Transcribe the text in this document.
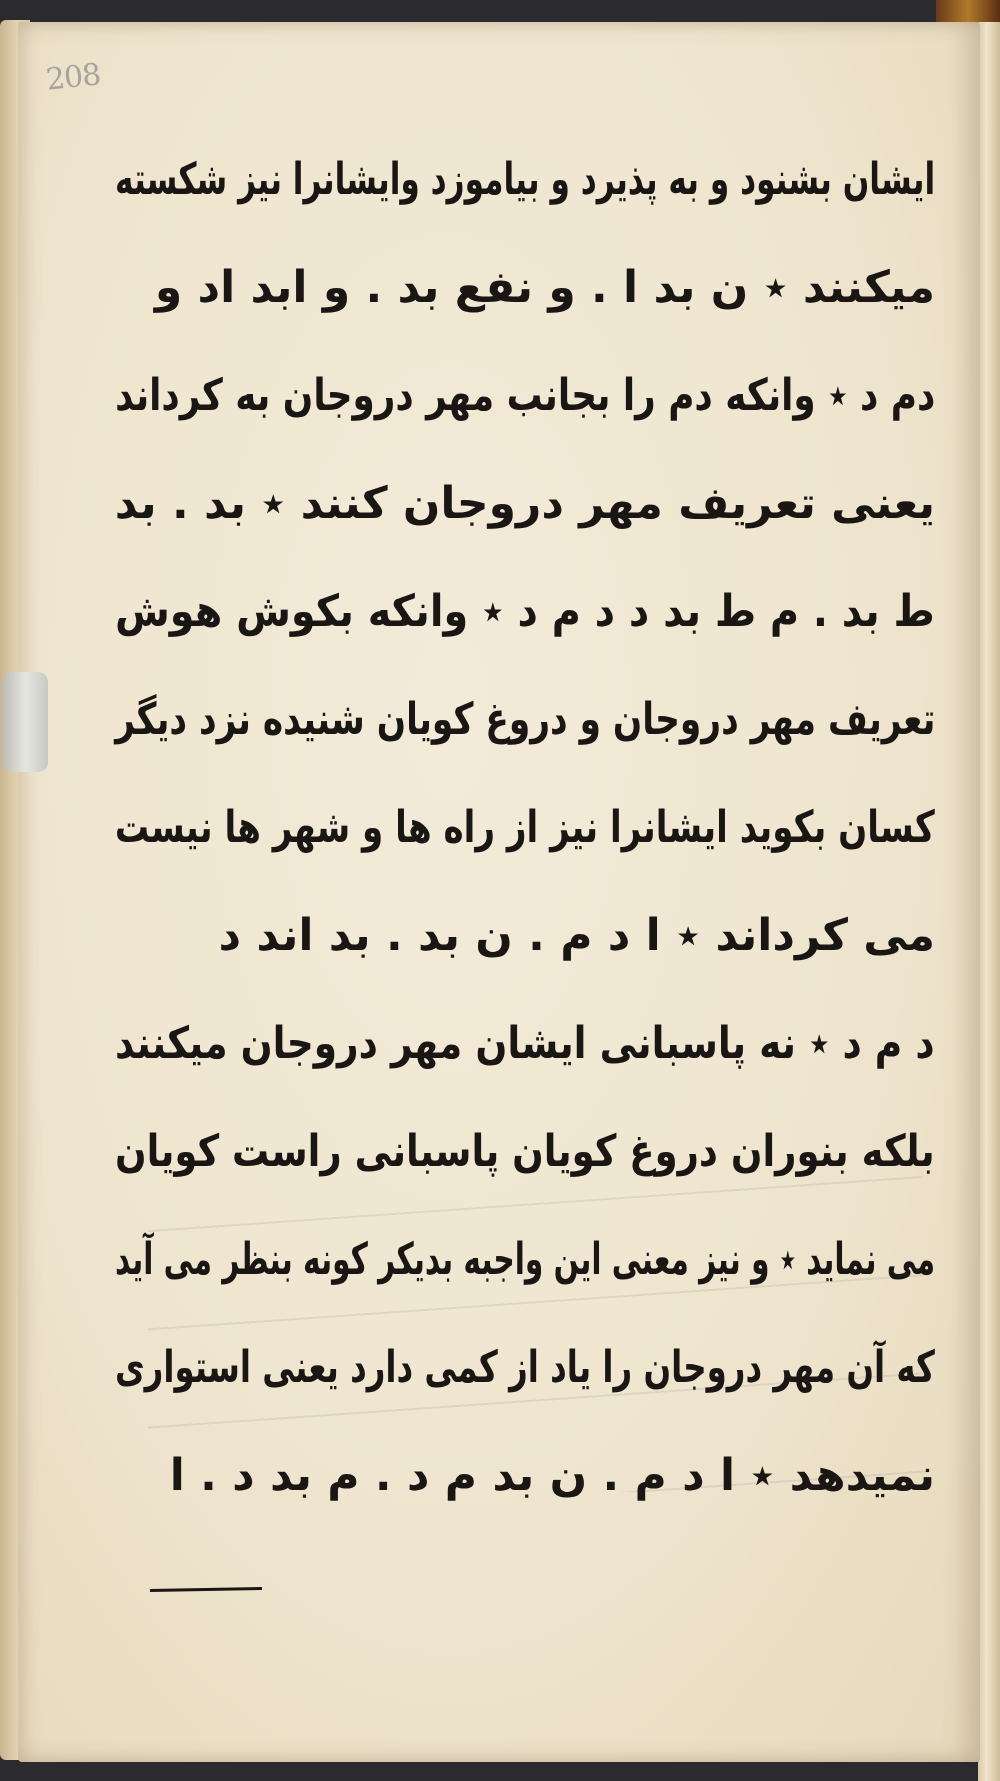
208
ایشان بشنود و به پذیرد و بیاموزد وایشانرا نیز شکسته
میکنند ٭ ن بد ا . و نفع بد . و ابد اد و
دم د ٭ وانکه دم را بجانب مهر دروجان به کرداند
یعنی تعریف مهر دروجان کنند ٭ بد . بد
ط بد . م ط بد د د م د ٭ وانکه بکوش هوش
تعریف مهر دروجان و دروغ کویان شنیده نزد دیگر
کسان بکوید ایشانرا نیز از راه ها و شهر ها نیست
می کرداند ٭ ا د م . ن بد . بد اند د
د م د ٭ نه پاسبانی ایشان مهر دروجان میکنند
بلکه بنوران دروغ کویان پاسبانی راست کویان
می نماید ٭ و نیز معنی این واجبه بدیکر کونه بنظر می آید
که آن مهر دروجان را یاد از کمی دارد یعنی استواری
نمیدهد ٭ ا د م . ن بد م د . م بد د . ا
